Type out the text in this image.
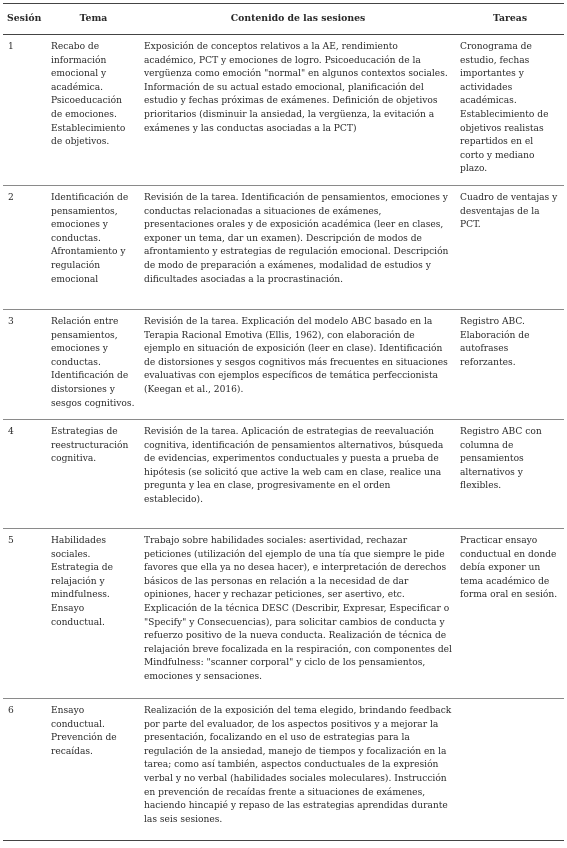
Sesión	Tema	Contenido de las sesiones	Tareas
1	Recabo de información emocional y académica. Psicoeducación de emociones. Establecimiento de objetivos.	Exposición de conceptos relativos a la AE, rendimiento académico, PCT y emociones de logro. Psicoeducación de la vergüenza como emoción "normal" en algunos contextos sociales. Información de su actual estado emocional, planificación del estudio y fechas próximas de exámenes. Definición de objetivos prioritarios (disminuir la ansiedad, la vergüenza, la evitación a exámenes y las conductas asociadas a la PCT)	Cronograma de estudio, fechas importantes y actividades académicas. Establecimiento de objetivos realistas repartidos en el corto y mediano plazo.
2	Identificación de pensamientos, emociones y conductas. Afrontamiento y regulación emocional	Revisión de la tarea. Identificación de pensamientos, emociones y conductas relacionadas a situaciones de exámenes, presentaciones orales y de exposición académica (leer en clases, exponer un tema, dar un examen). Descripción de modos de afrontamiento y estrategias de regulación emocional. Descripción de modo de preparación a exámenes, modalidad de estudios y dificultades asociadas a la procrastinación.	Cuadro de ventajas y desventajas de la PCT.
3	Relación entre pensamientos, emociones y conductas. Identificación de distorsiones y sesgos cognitivos.	Revisión de la tarea. Explicación del modelo ABC basado en la Terapia Racional Emotiva (Ellis, 1962), con elaboración de ejemplo en situación de exposición (leer en clase). Identificación de distorsiones y sesgos cognitivos más frecuentes en situaciones evaluativas con ejemplos específicos de temática perfeccionista (Keegan et al., 2016).	Registro ABC. Elaboración de autofrases reforzantes.
4	Estrategias de reestructuración cognitiva.	Revisión de la tarea. Aplicación de estrategias de reevaluación cognitiva, identificación de pensamientos alternativos, búsqueda de evidencias, experimentos conductuales y puesta a prueba de hipótesis (se solicitó que active la web cam en clase, realice una pregunta y lea en clase, progresivamente en el orden establecido).	Registro ABC con columna de pensamientos alternativos y flexibles.
5	Habilidades sociales. Estrategia de relajación y mindfulness. Ensayo conductual.	Trabajo sobre habilidades sociales: asertividad, rechazar peticiones (utilización del ejemplo de una tía que siempre le pide favores que ella ya no desea hacer), e interpretación de derechos básicos de las personas en relación a la necesidad de dar opiniones, hacer y rechazar peticiones, ser asertivo, etc. Explicación de la técnica DESC (Describir, Expresar, Especificar o "Specify" y Consecuencias), para solicitar cambios de conducta y refuerzo positivo de la nueva conducta. Realización de técnica de relajación breve focalizada en la respiración, con componentes del Mindfulness: "scanner corporal" y ciclo de los pensamientos, emociones y sensaciones.	Practicar ensayo conductual en donde debía exponer un tema académico de forma oral en sesión.
6	Ensayo conductual. Prevención de recaídas.	Realización de la exposición del tema elegido, brindando feedback por parte del evaluador, de los aspectos positivos y a mejorar la presentación, focalizando en el uso de estrategias para la regulación de la ansiedad, manejo de tiempos y focalización en la tarea; como así también, aspectos conductuales de la expresión verbal y no verbal (habilidades sociales moleculares). Instrucción en prevención de recaídas frente a situaciones de exámenes, haciendo hincapié y repaso de las estrategias aprendidas durante las seis sesiones.	
